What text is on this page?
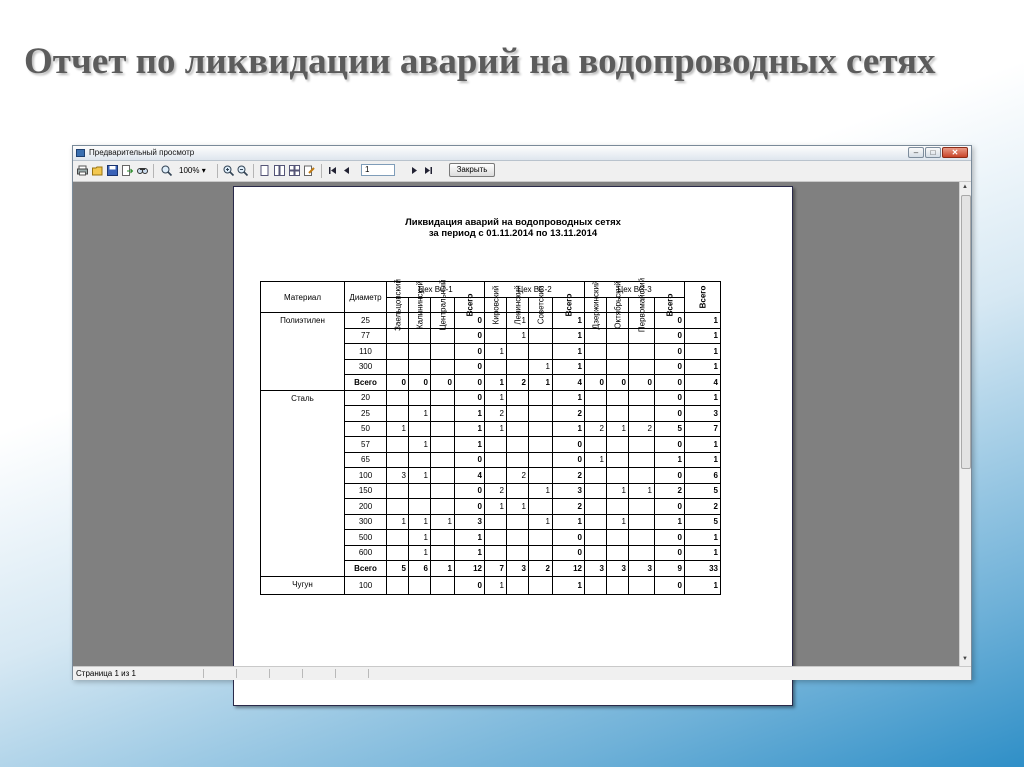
Отчет по ликвидации аварий на водопроводных сетях
Предварительный просмотр	‒	□	✕
100% ▾	1	Закрыть
Ликвидация аварий на водопроводных сетях
за период с 01.11.2014 по 13.11.2014
Материал	Диаметр	Цех ВС-1				Цех ВС-2				Цех ВС-3				Всего

		Заельцовский	Калининский	Центральный	Всего	Кировский	Ленинский	Советский	Всего	Дзержинский	Октябрьский	Первомайский	Всего	

Полиэтилен	25				0		1		1				0	1
	77				0		1		1				0	1
	110				0	1			1				0	1
	300				0			1	1				0	1
	Всего	0	0	0	0	1	2	1	4	0	0	0	0	4
Сталь	20				0	1			1				0	1
	25		1		1	2			2				0	3
	50	1			1	1			1	2	1	2	5	7
	57		1		1				0				0	1
	65				0				0	1			1	1
	100	3	1		4		2		2				0	6
	150				0	2		1	3		1	1	2	5
	200				0	1	1		2				0	2
	300	1	1	1	3			1	1		1		1	5
	500		1		1				0				0	1
	600		1		1				0				0	1
	Всего	5	6	1	12	7	3	2	12	3	3	3	9	33
Чугун	100				0	1			1				0	1
▲
▼
Страница 1 из 1
